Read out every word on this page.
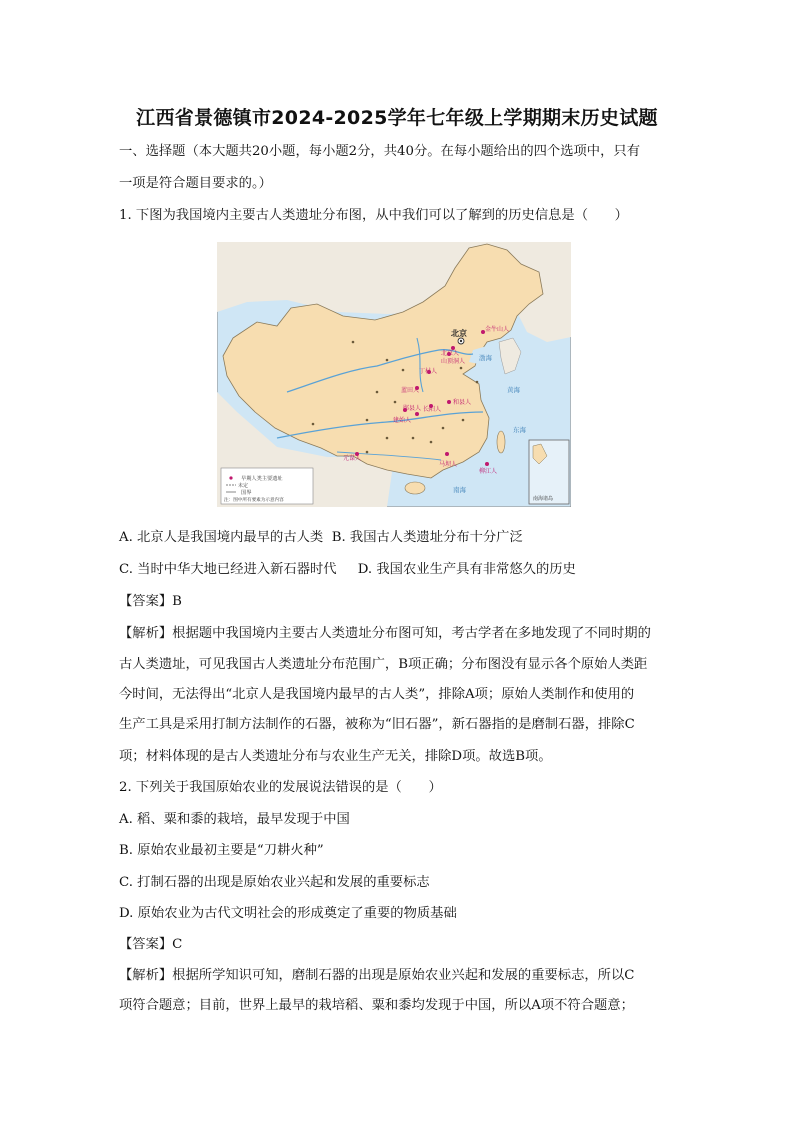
江西省景德镇市2024-2025学年七年级上学期期末历史试题
一、选择题（本大题共20小题，每小题2分，共40分。在每小题给出的四个选项中，只有
一项是符合题目要求的。）
1. 下图为我国境内主要古人类遗址分布图，从中我们可以了解到的历史信息是（　　）
金牛山人
北京人
山顶洞人
丁村人
蓝田人
郧县人 长阳人
建始人
和县人
元谋人
马坝人
柳江人
北京
渤海
黄海
东海
南海
南海诸岛
早期人类主要遗址
未定
国界
注：图中所有要素为示意内容
A. 北京人是我国境内最早的古人类 B. 我国古人类遗址分布十分广泛
C. 当时中华大地已经进入新石器时代 D. 我国农业生产具有非常悠久的历史
【答案】B
【解析】根据题中我国境内主要古人类遗址分布图可知，考古学者在多地发现了不同时期的
古人类遗址，可见我国古人类遗址分布范围广，B项正确；分布图没有显示各个原始人类距
今时间，无法得出“北京人是我国境内最早的古人类”，排除A项；原始人类制作和使用的
生产工具是采用打制方法制作的石器，被称为“旧石器”，新石器指的是磨制石器，排除C
项；材料体现的是古人类遗址分布与农业生产无关，排除D项。故选B项。
2. 下列关于我国原始农业的发展说法错误的是（　　）
A. 稻、粟和黍的栽培，最早发现于中国
B. 原始农业最初主要是“刀耕火种”
C. 打制石器的出现是原始农业兴起和发展的重要标志
D. 原始农业为古代文明社会的形成奠定了重要的物质基础
【答案】C
【解析】根据所学知识可知，磨制石器的出现是原始农业兴起和发展的重要标志，所以C
项符合题意；目前，世界上最早的栽培稻、粟和黍均发现于中国，所以A项不符合题意；
